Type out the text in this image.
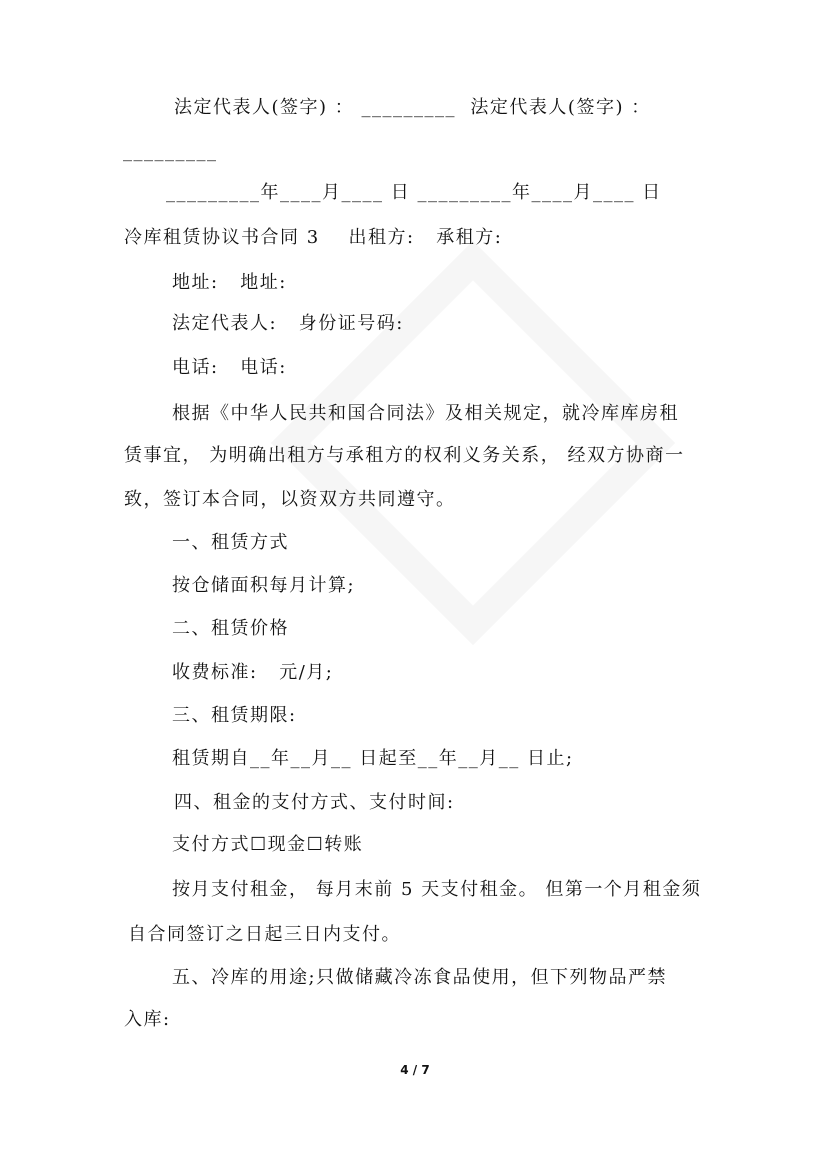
法定代表人(签字) ： _________  法定代表人(签字) ：
_________
_________年____月____ 日 _________年____月____ 日
冷库租赁协议书合同 3    出租方:   承租方:
地址:   地址:
法定代表人:   身份证号码:
电话:   电话:
根据《中华人民共和国合同法》及相关规定，就冷库库房租
赁事宜， 为明确出租方与承租方的权利义务关系， 经双方协商一
致，签订本合同，以资双方共同遵守。
一、租赁方式
按仓储面积每月计算;
二、租赁价格
收费标准:   元/月;
三、租赁期限:
租赁期自__年__月__ 日起至__年__月__ 日止;
四、租金的支付方式、支付时间:
支付方式☐现金☐转账
按月支付租金， 每月末前 5 天支付租金。 但第一个月租金须
自合同签订之日起三日内支付。
五、冷库的用途;只做储藏冷冻食品使用，但下列物品严禁
入库:
4 / 7
